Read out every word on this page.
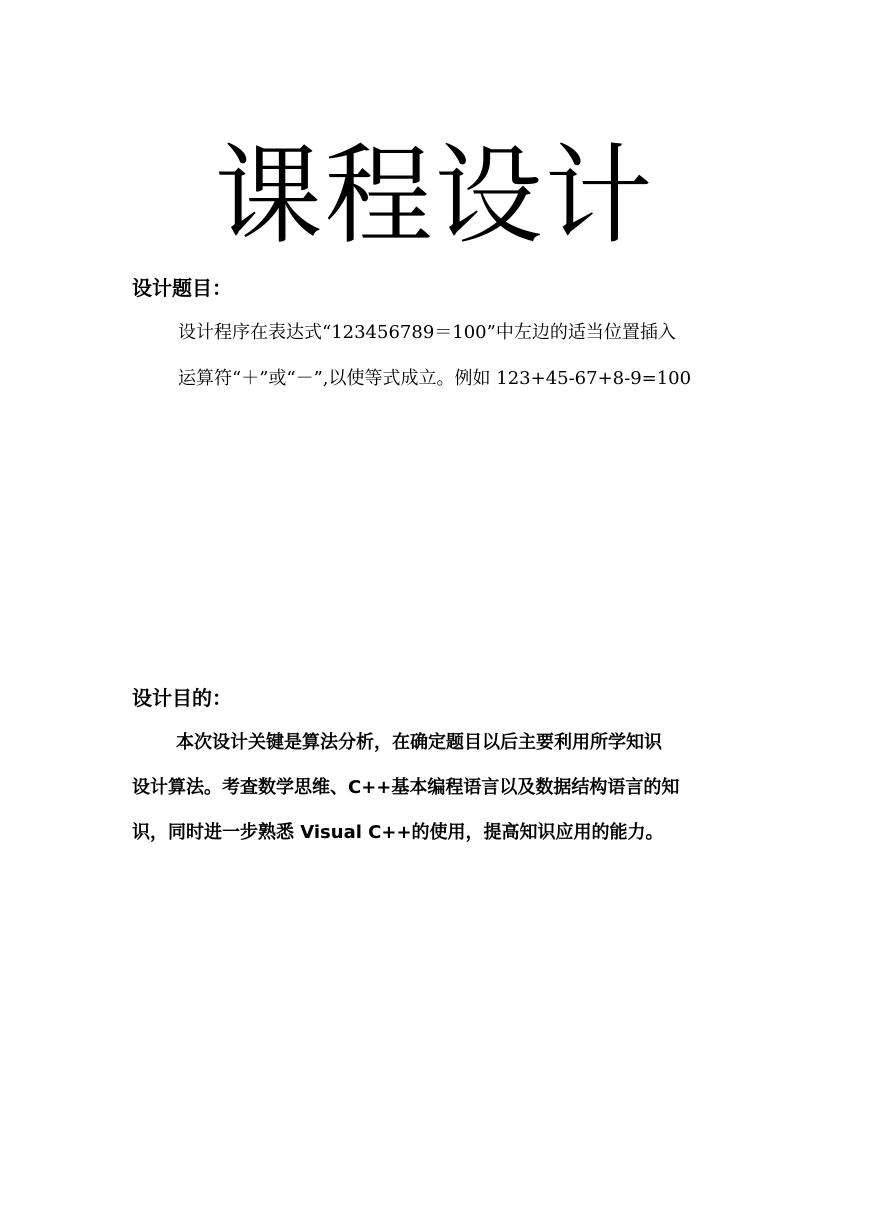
课程设计
设计题目：

设计程序在表达式“123456789＝100”中左边的适当位置插入

运算符“＋”或“－”,以使等式成立。例如 123+45-67+8-9=100

设计目的：

本次设计关键是算法分析，在确定题目以后主要利用所学知识

设计算法。考查数学思维、C++基本编程语言以及数据结构语言的知

识，同时进一步熟悉 Visual C++的使用，提高知识应用的能力。
